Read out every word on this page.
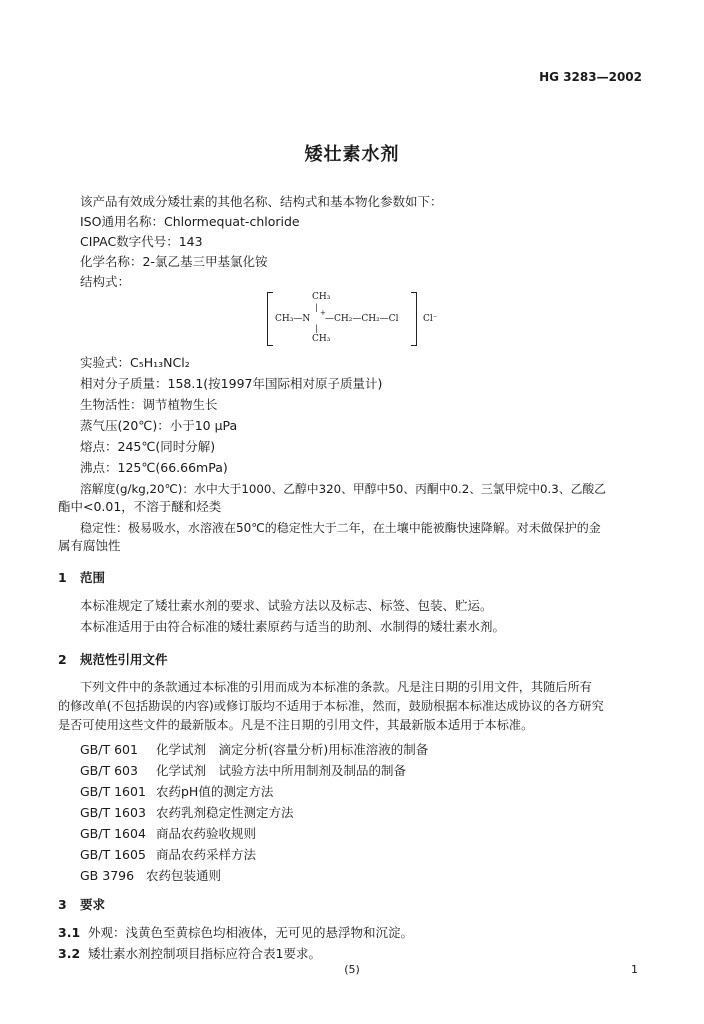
HG 3283—2002
矮壮素水剂
该产品有效成分矮壮素的其他名称、结构式和基本物化参数如下：
ISO通用名称：Chlormequat-chloride
CIPAC数字代号：143
化学名称：2-氯乙基三甲基氯化铵
结构式：
CH₃
|
CH₃—N
+
—CH₂—CH₂—Cl
|
CH₃
Cl⁻
实验式：C₅H₁₃NCl₂
相对分子质量：158.1(按1997年国际相对原子质量计)
生物活性：调节植物生长
蒸气压(20℃)：小于10 μPa
熔点：245℃(同时分解)
沸点：125℃(66.66mPa)
溶解度(g/kg,20℃)：水中大于1000、乙醇中320、甲醇中50、丙酮中0.2、三氯甲烷中0.3、乙酸乙
酯中<0.01，不溶于醚和烃类
稳定性：极易吸水，水溶液在50℃的稳定性大于二年，在土壤中能被酶快速降解。对未做保护的金
属有腐蚀性
1 范围
本标准规定了矮壮素水剂的要求、试验方法以及标志、标签、包装、贮运。
本标准适用于由符合标准的矮壮素原药与适当的助剂、水制得的矮壮素水剂。
2 规范性引用文件
下列文件中的条款通过本标准的引用而成为本标准的条款。凡是注日期的引用文件，其随后所有
的修改单(不包括勘误的内容)或修订版均不适用于本标准，然而，鼓励根据本标准达成协议的各方研究
是否可使用这些文件的最新版本。凡是不注日期的引用文件，其最新版本适用于本标准。
GB/T 601 化学试剂　滴定分析(容量分析)用标准溶液的制备
GB/T 603 化学试剂　试验方法中所用制剂及制品的制备
GB/T 1601 农药pH值的测定方法
GB/T 1603 农药乳剂稳定性测定方法
GB/T 1604 商品农药验收规则
GB/T 1605 商品农药采样方法
GB 3796 农药包装通则
3 要求
3.1 外观：浅黄色至黄棕色均相液体，无可见的悬浮物和沉淀。
3.2 矮壮素水剂控制项目指标应符合表1要求。
(5)	1
